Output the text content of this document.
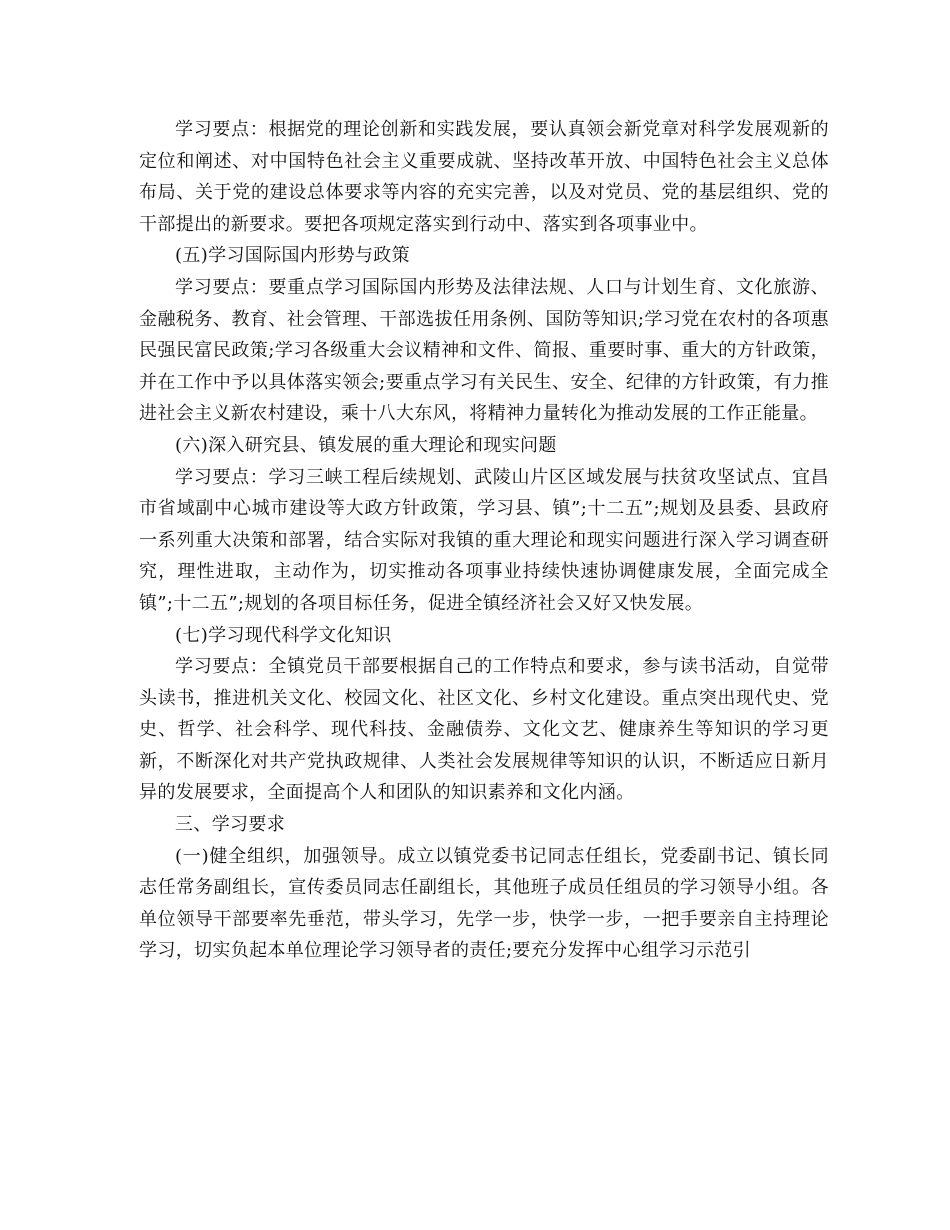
学习要点：根据党的理论创新和实践发展，要认真领会新党章对科学发展观新的定位和阐述、对中国特色社会主义重要成就、坚持改革开放、中国特色社会主义总体布局、关于党的建设总体要求等内容的充实完善，以及对党员、党的基层组织、党的干部提出的新要求。要把各项规定落实到行动中、落实到各项事业中。

(五)学习国际国内形势与政策

学习要点：要重点学习国际国内形势及法律法规、人口与计划生育、文化旅游、金融税务、教育、社会管理、干部选拔任用条例、国防等知识;学习党在农村的各项惠民强民富民政策;学习各级重大会议精神和文件、简报、重要时事、重大的方针政策，并在工作中予以具体落实领会;要重点学习有关民生、安全、纪律的方针政策，有力推进社会主义新农村建设，乘十八大东风，将精神力量转化为推动发展的工作正能量。

(六)深入研究县、镇发展的重大理论和现实问题

学习要点：学习三峡工程后续规划、武陵山片区区域发展与扶贫攻坚试点、宜昌市省域副中心城市建设等大政方针政策，学习县、镇”;十二五”;规划及县委、县政府一系列重大决策和部署，结合实际对我镇的重大理论和现实问题进行深入学习调查研究，理性进取，主动作为，切实推动各项事业持续快速协调健康发展，全面完成全镇”;十二五”;规划的各项目标任务，促进全镇经济社会又好又快发展。

(七)学习现代科学文化知识

学习要点：全镇党员干部要根据自己的工作特点和要求，参与读书活动，自觉带头读书，推进机关文化、校园文化、社区文化、乡村文化建设。重点突出现代史、党史、哲学、社会科学、现代科技、金融债券、文化文艺、健康养生等知识的学习更新，不断深化对共产党执政规律、人类社会发展规律等知识的认识，不断适应日新月异的发展要求，全面提高个人和团队的知识素养和文化内涵。

三、学习要求

(一)健全组织，加强领导。成立以镇党委书记同志任组长，党委副书记、镇长同志任常务副组长，宣传委员同志任副组长，其他班子成员任组员的学习领导小组。各单位领导干部要率先垂范，带头学习，先学一步，快学一步，一把手要亲自主持理论学习，切实负起本单位理论学习领导者的责任;要充分发挥中心组学习示范引
